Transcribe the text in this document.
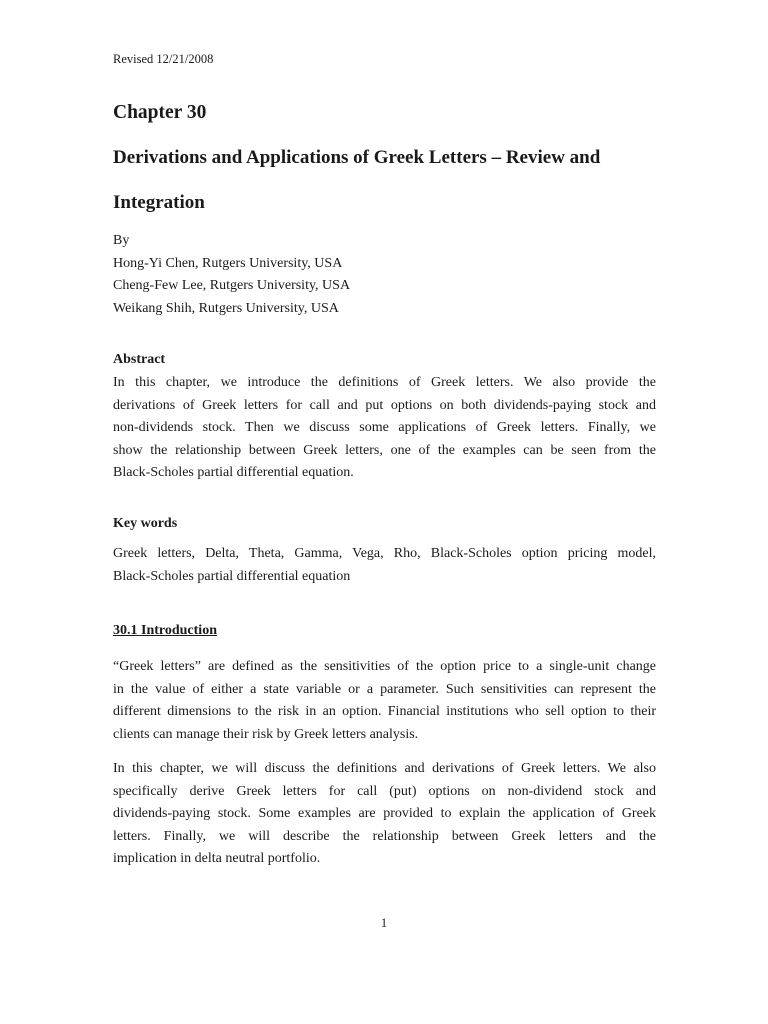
Revised 12/21/2008
Chapter 30
Derivations and Applications of Greek Letters – Review and
Integration
By
Hong-Yi Chen, Rutgers University, USA
Cheng-Few Lee, Rutgers University, USA
Weikang Shih, Rutgers University, USA
Abstract
In this chapter, we introduce the definitions of Greek letters. We also provide the
derivations of Greek letters for call and put options on both dividends-paying stock and
non-dividends stock. Then we discuss some applications of Greek letters. Finally, we
show the relationship between Greek letters, one of the examples can be seen from the
Black-Scholes partial differential equation.
Key words
Greek letters, Delta, Theta, Gamma, Vega, Rho, Black-Scholes option pricing model,
Black-Scholes partial differential equation
30.1 Introduction
“Greek letters” are defined as the sensitivities of the option price to a single-unit change
in the value of either a state variable or a parameter. Such sensitivities can represent the
different dimensions to the risk in an option. Financial institutions who sell option to their
clients can manage their risk by Greek letters analysis.
In this chapter, we will discuss the definitions and derivations of Greek letters. We also
specifically derive Greek letters for call (put) options on non-dividend stock and
dividends-paying stock. Some examples are provided to explain the application of Greek
letters. Finally, we will describe the relationship between Greek letters and the
implication in delta neutral portfolio.
1
